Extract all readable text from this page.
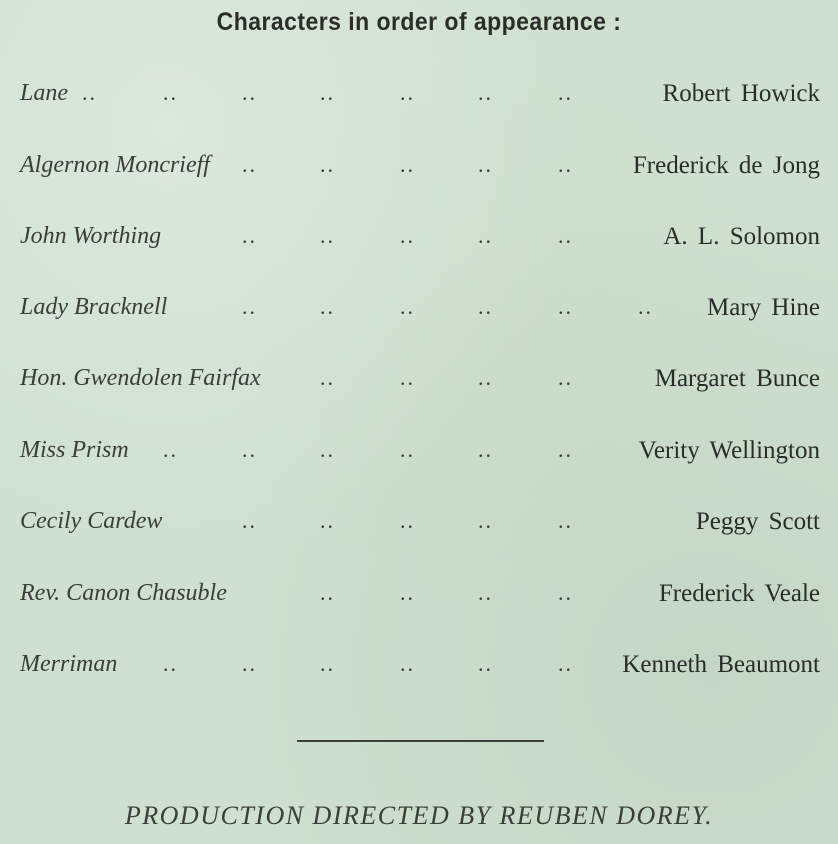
Characters in order of appearance :
Lane ..	..	..	..	..	..	..	Robert Howick
Algernon Moncrieff ..	..	..	..	.. Frederick de Jong
John Worthing	..	..	..	..	..	A. L. Solomon
Lady Bracknell	..	..	..	..	..	.. Mary Hine
Hon. Gwendolen Fairfax	..	..	..	..	Margaret Bunce
Miss Prism ..	..	..	..	..	..	Verity Wellington
Cecily Cardew	..	..	..	..	..	Peggy Scott
Rev. Canon Chasuble	..	..	..	..	Frederick Veale
Merriman ..	..	..	..	..	.. Kenneth Beaumont
PRODUCTION DIRECTED BY REUBEN DOREY.
